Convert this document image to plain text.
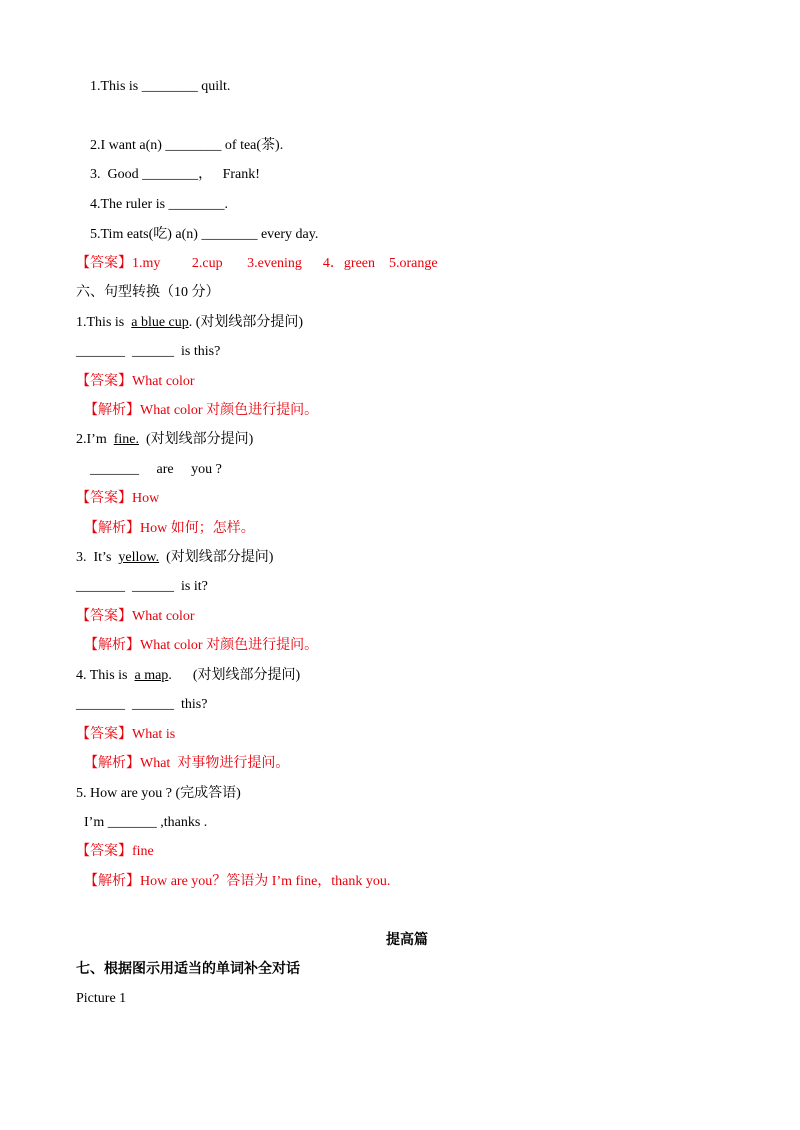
1.This is ________ quilt.
2.I want a(n) ________ of tea(茶).
3.  Good ________，   Frank!
4.The ruler is ________.
5.Tim eats(吃) a(n) ________ every day.
【答案】1.my         2.cup       3.evening      4．green    5.orange
六、句型转换（10 分）
1.This is  a blue cup. (对划线部分提问)
_______  ______  is this?
【答案】What color
【解析】What color 对颜色进行提问。
2.I’m  fine.  (对划线部分提问)
_______     are     you ?
【答案】How
【解析】How 如何；怎样。
3.  It’s  yellow.  (对划线部分提问)
_______  ______  is it?
【答案】What color
【解析】What color 对颜色进行提问。
4. This is  a map.      (对划线部分提问)
_______  ______  this?
【答案】What is
【解析】What  对事物进行提问。
5. How are you ? (完成答语)
I’m _______ ,thanks .
【答案】fine
【解析】How are you？答语为 I’m fine，thank you.
提高篇
七、根据图示用适当的单词补全对话
Picture 1
